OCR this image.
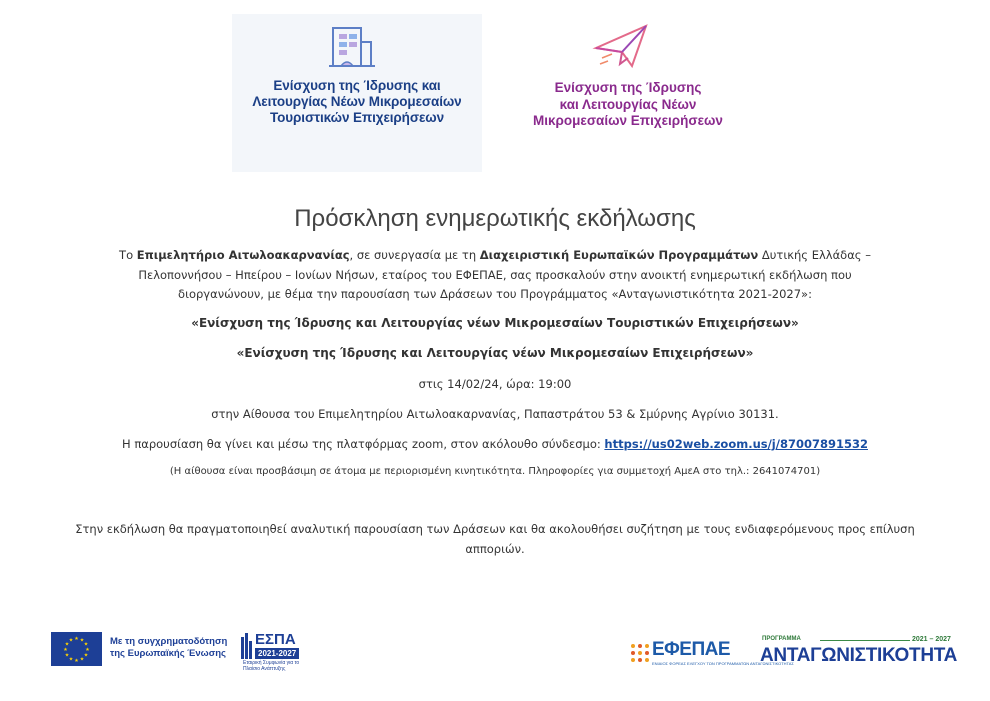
Ενίσχυση της Ίδρυσης και
Λειτουργίας Νέων Μικρομεσαίων
Τουριστικών Επιχειρήσεων
Ενίσχυση της Ίδρυσης
και Λειτουργίας Νέων
Μικρομεσαίων Επιχειρήσεων
Πρόσκληση ενημερωτικής εκδήλωσης
Το Επιμελητήριο Αιτωλοακαρνανίας, σε συνεργασία με τη Διαχειριστική Ευρωπαϊκών Προγραμμάτων Δυτικής Ελλάδας – Πελοποννήσου – Ηπείρου – Ιονίων Νήσων, εταίρος του ΕΦΕΠΑΕ, σας προσκαλούν στην ανοικτή ενημερωτική εκδήλωση που διοργανώνουν, με θέμα την παρουσίαση των Δράσεων του Προγράμματος «Ανταγωνιστικότητα 2021-2027»:
«Ενίσχυση της Ίδρυσης και Λειτουργίας νέων Μικρομεσαίων Τουριστικών Επιχειρήσεων»
«Ενίσχυση της Ίδρυσης και Λειτουργίας νέων Μικρομεσαίων Επιχειρήσεων»
στις 14/02/24, ώρα: 19:00
στην Αίθουσα του Επιμελητηρίου Αιτωλοακαρνανίας, Παπαστράτου 53 & Σμύρνης Αγρίνιο 30131.
Η παρουσίαση θα γίνει και μέσω της πλατφόρμας zoom, στον ακόλουθο σύνδεσμο: https://us02web.zoom.us/j/87007891532
(Η αίθουσα είναι προσβάσιμη σε άτομα με περιορισμένη κινητικότητα. Πληροφορίες για συμμετοχή ΑμεΑ στο τηλ.: 2641074701)
Στην εκδήλωση θα πραγματοποιηθεί αναλυτική παρουσίαση των Δράσεων και θα ακολουθήσει συζήτηση με τους ενδιαφερόμενους προς επίλυση απποριών.
★ ★
★
★
★
★
★
★
★
★
★
★	Με τη συγχρηματοδότηση
της Ευρωπαϊκής Ένωσης
ΕΣΠΑ
2021-2027
Εταιρική Συμφωνία για το Πλαίσιο Ανάπτυξης
ΕΦΕΠΑΕ
ΕΝΙΑΙΟΣ ΦΟΡΕΑΣ ΕΛΕΓΧΟΥ ΤΩΝ ΠΡΟΓΡΑΜΜΑΤΩΝ ΑΝΤΑΓΩΝΙΣΤΙΚΟΤΗΤΑΣ
ΠΡΟΓΡΑΜΜΑ	2021 – 2027
ΑΝΤΑΓΩΝΙΣΤΙΚΟΤΗΤΑ
